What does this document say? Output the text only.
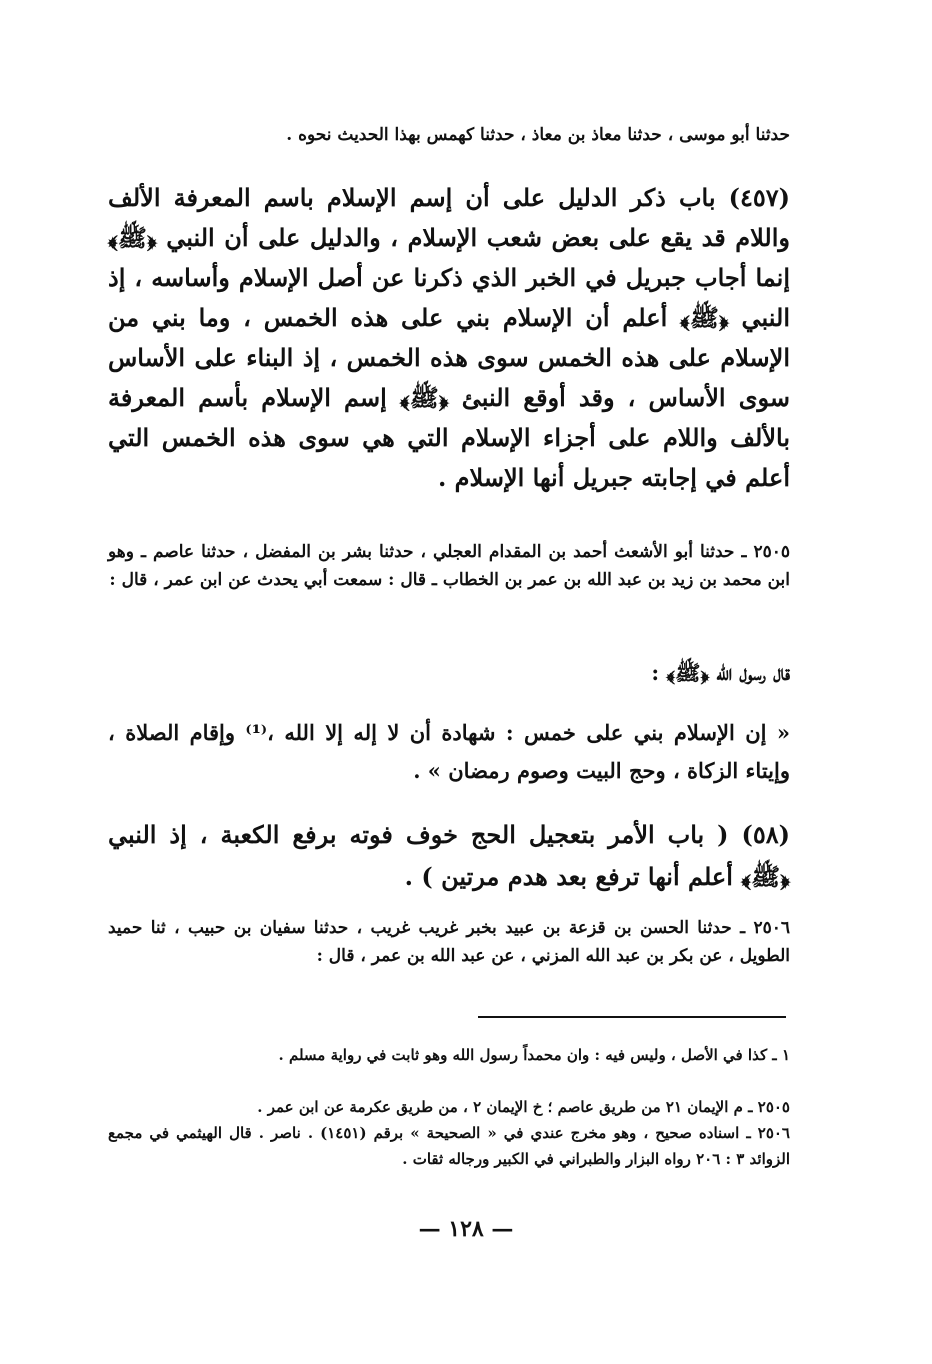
حدثنا أبو موسى ، حدثنا معاذ بن معاذ ، حدثنا كهمس بهذا الحديث نحوه .

(٤٥٧) باب ذكر الدليل على أن إسم الإسلام باسم المعرفة الألف واللام قد يقع على بعض شعب الإسلام ، والدليل على أن النبي ﴿ﷺ﴾ إنما أجاب جبريل في الخبر الذي ذكرنا عن أصل الإسلام وأساسه ، إذ النبي ﴿ﷺ﴾ أعلم أن الإسلام بني على هذه الخمس ، وما بني من الإسلام على هذه الخمس سوى هذه الخمس ، إذ البناء على الأساس سوى الأساس ، وقد أوقع النبئ ﴿ﷺ﴾ إسم الإسلام بأسم المعرفة بالألف واللام على أجزاء الإسلام التي هي سوى هذه الخمس التي أعلم في إجابته جبريل أنها الإسلام .

٢٥٠٥ ـ حدثنا أبو الأشعث أحمد بن المقدام العجلي ، حدثنا بشر بن المفضل ، حدثنا عاصم ـ وهو ابن محمد بن زيد بن عبد الله بن عمر بن الخطاب ـ قال : سمعت أبي يحدث عن ابن عمر ، قال :

قال رسول الله ﴿ﷺ﴾ :

« إن الإسلام بني على خمس : شهادة أن لا إله إلا الله ،⁽¹⁾ وإقام الصلاة ، وإيتاء الزكاة ، وحج البيت وصوم رمضان » .

(٥٨) ( باب الأمر بتعجيل الحج خوف فوته برفع الكعبة ، إذ النبي ﴿ﷺ﴾ أعلم أنها ترفع بعد هدم مرتين ) .

٢٥٠٦ ـ حدثنا الحسن بن قزعة بن عبيد بخبر غريب غريب ، حدثنا سفيان بن حبيب ، ثنا حميد الطويل ، عن بكر بن عبد الله المزني ، عن عبد الله بن عمر ، قال :

١ ـ كذا في الأصل ، وليس فيه : وان محمداً رسول الله وهو ثابت في رواية مسلم .

٢٥٠٥ ـ م الإيمان ٢١ من طريق عاصم ؛ خ الإيمان ٢ ، من طريق عكرمة عن ابن عمر .

٢٥٠٦ ـ اسناده صحيح ، وهو مخرج عندي في « الصحيحة » برقم (١٤٥١) . ناصر . قال الهيثمي في مجمع الزوائد ٣ : ٢٠٦ رواه البزار والطبراني في الكبير ورجاله ثقات .

— ١٢٨ —
